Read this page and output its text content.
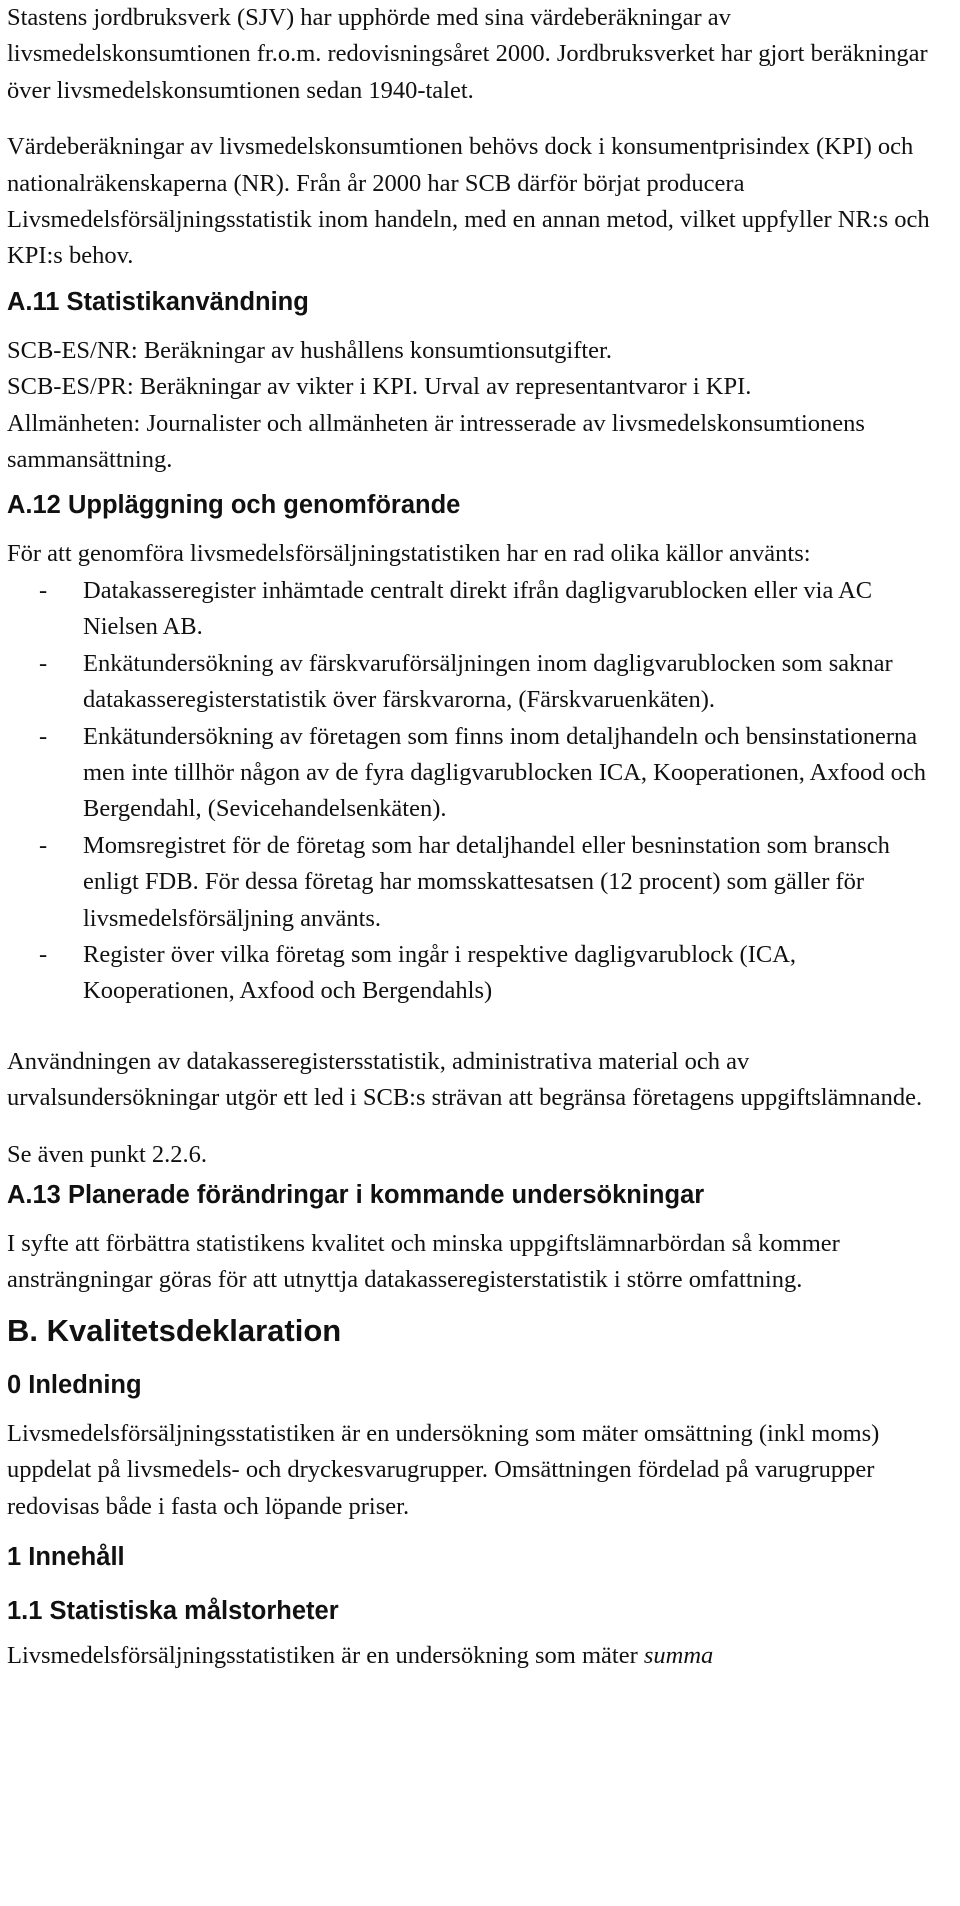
Stastens jordbruksverk (SJV) har upphörde med sina värdeberäkningar av livsmedelskonsumtionen fr.o.m. redovisningsåret 2000. Jordbruksverket har gjort beräkningar över livsmedelskonsumtionen sedan 1940-talet.

Värdeberäkningar av livsmedelskonsumtionen behövs dock i konsumentprisindex (KPI) och nationalräkenskaperna (NR). Från år 2000 har SCB därför börjat producera Livsmedelsförsäljningsstatistik inom handeln, med en annan metod, vilket uppfyller NR:s och KPI:s behov.

A.11 Statistikanvändning

SCB-ES/NR: Beräkningar av hushållens konsumtionsutgifter.

SCB-ES/PR: Beräkningar av vikter i KPI. Urval av representantvaror i KPI.

Allmänheten: Journalister och allmänheten är intresserade av livsmedelskonsumtionens sammansättning.

A.12 Uppläggning och genomförande

För att genomföra livsmedelsförsäljningstatistiken har en rad olika källor använts:

- Datakasseregister inhämtade centralt direkt ifrån dagligvarublocken eller via AC Nielsen AB.
- Enkätundersökning av färskvaruförsäljningen inom dagligvarublocken som saknar datakasseregisterstatistik över färskvarorna, (Färskvaruenkäten).
- Enkätundersökning av företagen som finns inom detaljhandeln och bensinstationerna men inte tillhör någon av de fyra dagligvarublocken ICA, Kooperationen, Axfood och Bergendahl, (Sevicehandelsenkäten).
- Momsregistret för de företag som har detaljhandel eller besninstation som bransch enligt FDB. För dessa företag har momsskattesatsen (12 procent) som gäller för livsmedelsförsäljning använts.
- Register över vilka företag som ingår i respektive dagligvarublock (ICA, Kooperationen, Axfood och Bergendahls)

Användningen av datakasseregistersstatistik, administrativa material och av urvalsundersökningar utgör ett led i SCB:s strävan att begränsa företagens uppgiftslämnande.

Se även punkt 2.2.6.

A.13 Planerade förändringar i kommande undersökningar

I syfte att förbättra statistikens kvalitet och minska uppgiftslämnarbördan så kommer ansträngningar göras för att utnyttja datakasseregisterstatistik i större omfattning.

B. Kvalitetsdeklaration
0 Inledning

Livsmedelsförsäljningsstatistiken är en undersökning som mäter omsättning (inkl moms) uppdelat på livsmedels- och dryckesvarugrupper. Omsättningen fördelad på varugrupper redovisas både i fasta och löpande priser.

1 Innehåll
1.1 Statistiska målstorheter

Livsmedelsförsäljningsstatistiken är en undersökning som mäter summa
